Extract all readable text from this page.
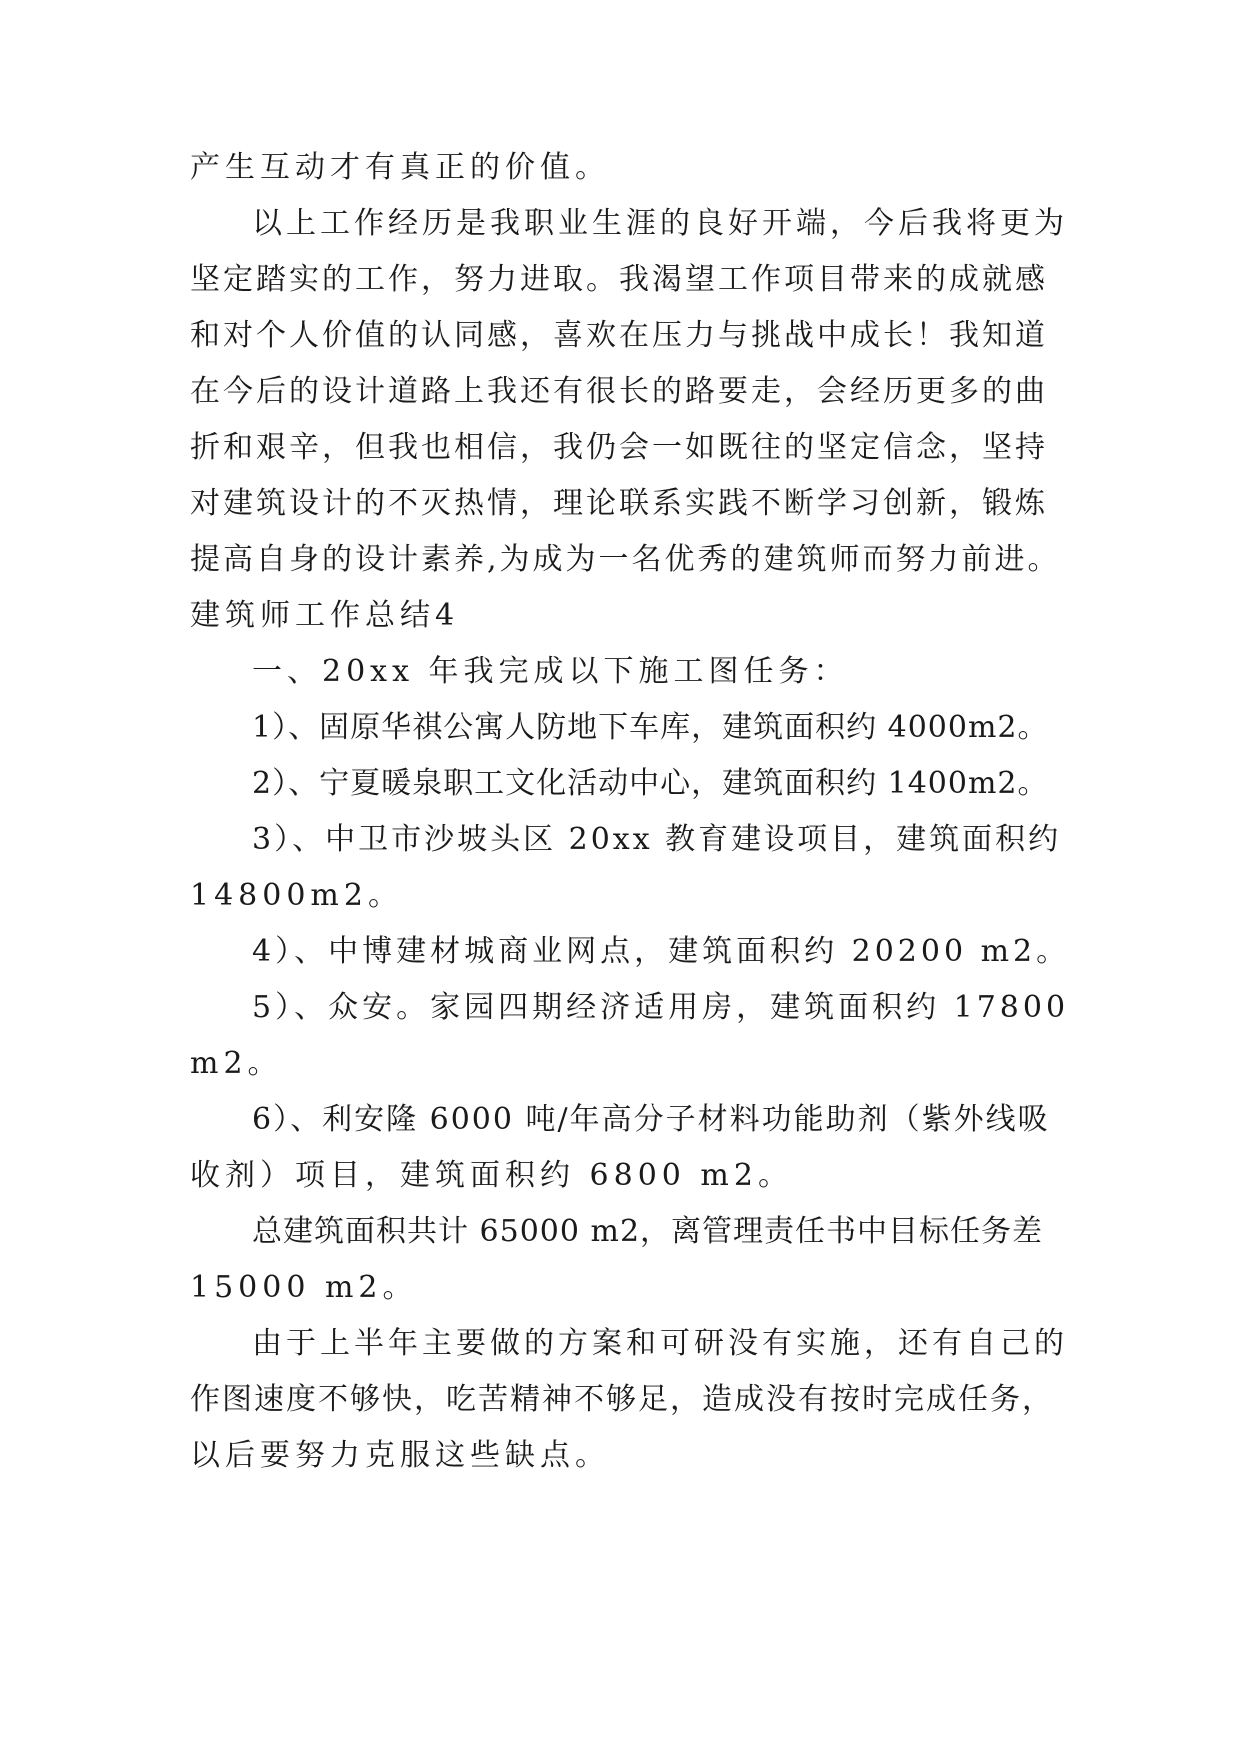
产生互动才有真正的价值。
以上工作经历是我职业生涯的良好开端，今后我将更为
坚定踏实的工作，努力进取。我渴望工作项目带来的成就感
和对个人价值的认同感，喜欢在压力与挑战中成长！我知道
在今后的设计道路上我还有很长的路要走，会经历更多的曲
折和艰辛，但我也相信，我仍会一如既往的坚定信念，坚持
对建筑设计的不灭热情，理论联系实践不断学习创新，锻炼
提高自身的设计素养,为成为一名优秀的建筑师而努力前进。
建筑师工作总结4
一、20xx 年我完成以下施工图任务：
1）、固原华祺公寓人防地下车库，建筑面积约 4000m2。
2）、宁夏暖泉职工文化活动中心，建筑面积约 1400m2。
3）、中卫市沙坡头区 20xx 教育建设项目，建筑面积约
14800m2。
4）、中博建材城商业网点，建筑面积约 20200 m2。
5）、众安。家园四期经济适用房，建筑面积约 17800
m2。
6）、利安隆 6000 吨/年高分子材料功能助剂（紫外线吸
收剂）项目，建筑面积约 6800 m2。
总建筑面积共计 65000 m2，离管理责任书中目标任务差
15000 m2。
由于上半年主要做的方案和可研没有实施，还有自己的
作图速度不够快，吃苦精神不够足，造成没有按时完成任务，
以后要努力克服这些缺点。
